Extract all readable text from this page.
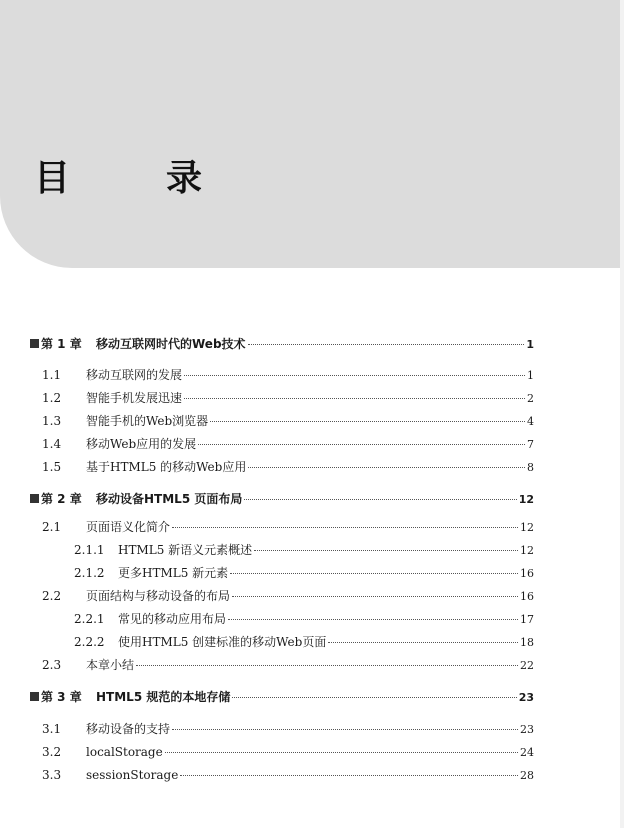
目　录
第 1 章	移动互联网时代的Web技术	1
1.1	移动互联网的发展	1
1.2	智能手机发展迅速	2
1.3	智能手机的Web浏览器	4
1.4	移动Web应用的发展	7
1.5	基于HTML5 的移动Web应用	8
第 2 章	移动设备HTML5 页面布局	12
2.1	页面语义化简介	12
2.1.1	HTML5 新语义元素概述	12
2.1.2	更多HTML5 新元素	16
2.2	页面结构与移动设备的布局	16
2.2.1	常见的移动应用布局	17
2.2.2	使用HTML5 创建标准的移动Web页面	18
2.3	本章小结	22
第 3 章	HTML5 规范的本地存储	23
3.1	移动设备的支持	23
3.2	localStorage	24
3.3	sessionStorage	28
